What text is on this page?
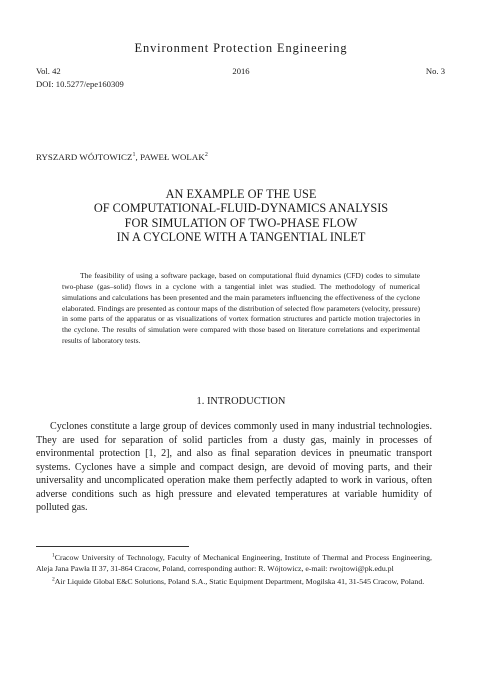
Environment Protection Engineering
Vol. 42	2016	No. 3
DOI: 10.5277/epe160309
RYSZARD WÓJTOWICZ$^1$, PAWEŁ WOLAK$^2$
AN EXAMPLE OF THE USE
OF COMPUTATIONAL-FLUID-DYNAMICS ANALYSIS
FOR SIMULATION OF TWO-PHASE FLOW
IN A CYCLONE WITH A TANGENTIAL INLET
The feasibility of using a software package, based on computational fluid dynamics (CFD) codes to simulate two-phase (gas–solid) flows in a cyclone with a tangential inlet was studied. The methodology of numerical simulations and calculations has been presented and the main parameters influencing the effectiveness of the cyclone elaborated. Findings are presented as contour maps of the distribution of selected flow parameters (velocity, pressure) in some parts of the apparatus or as visualizations of vortex formation structures and particle motion trajectories in the cyclone. The results of simulation were compared with those based on literature correlations and experimental results of laboratory tests.
1. INTRODUCTION
Cyclones constitute a large group of devices commonly used in many industrial technologies. They are used for separation of solid particles from a dusty gas, mainly in processes of environmental protection [1, 2], and also as final separation devices in pneumatic transport systems. Cyclones have a simple and compact design, are devoid of moving parts, and their universality and uncomplicated operation make them perfectly adapted to work in various, often adverse conditions such as high pressure and elevated temperatures at variable humidity of polluted gas.

$^1$Cracow University of Technology, Faculty of Mechanical Engineering, Institute of Thermal and Process Engineering, Aleja Jana Pawła II 37, 31-864 Cracow, Poland, corresponding author: R. Wójtowicz, e-mail: rwojtowi@pk.edu.pl

$^2$Air Liquide Global E&C Solutions, Poland S.A., Static Equipment Department, Mogilska 41, 31-545 Cracow, Poland.
